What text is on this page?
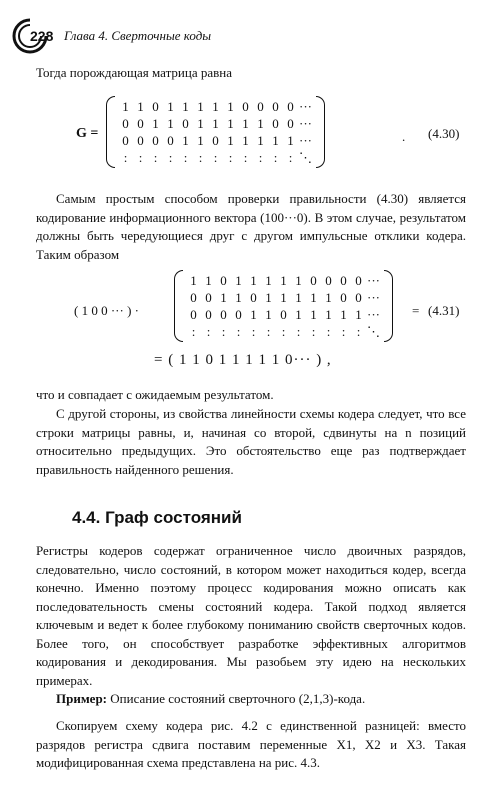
228 Глава 4. Сверточные коды
Тогда порождающая матрица равна
G =
1	1	0	1	1	1	1	1	0	0	0	0	···
0	0	1	1	0	1	1	1	1	1	0	0	···
0	0	0	0	1	1	0	1	1	1	1	1	···
:	:	:	:	:	:	:	:	:	:	:	:	⋱
. (4.30)
Самым простым способом проверки правильности (4.30) является кодирование информационного вектора (100···0). В этом случае, результатом должны быть чередующиеся друг с другом импульсные отклики кодера. Таким образом
( 1 0 0 ··· ) ·
1	1	0	1	1	1	1	1	0	0	0	0	···
0	0	1	1	0	1	1	1	1	1	0	0	···
0	0	0	0	1	1	0	1	1	1	1	1	···
:	:	:	:	:	:	:	:	:	:	:	:	⋱
= (4.31)
= ( 1 1 0 1 1 1 1 1 0··· ) ,
что и совпадает с ожидаемым результатом.
С другой стороны, из свойства линейности схемы кодера следует, что все строки матрицы равны, и, начиная со второй, сдвинуты на n позиций относительно предыдущих. Это обстоятельство еще раз подтверждает правильность найденного решения.
4.4. Граф состояний
Регистры кодеров содержат ограниченное число двоичных разрядов, следовательно, число состояний, в котором может находиться кодер, всегда конечно. Именно поэтому процесс кодирования можно описать как последовательность смены состояний кодера. Такой подход является ключевым и ведет к более глубокому пониманию свойств сверточных кодов. Более того, он способствует разработке эффективных алгоритмов кодирования и декодирования. Мы разобьем эту идею на нескольких примерах.
Пример: Описание состояний сверточного (2,1,3)-кода.
Скопируем схему кодера рис. 4.2 с единственной разницей: вместо разрядов регистра сдвига поставим переменные X1, X2 и X3. Такая модифицированная схема представлена на рис. 4.3.
